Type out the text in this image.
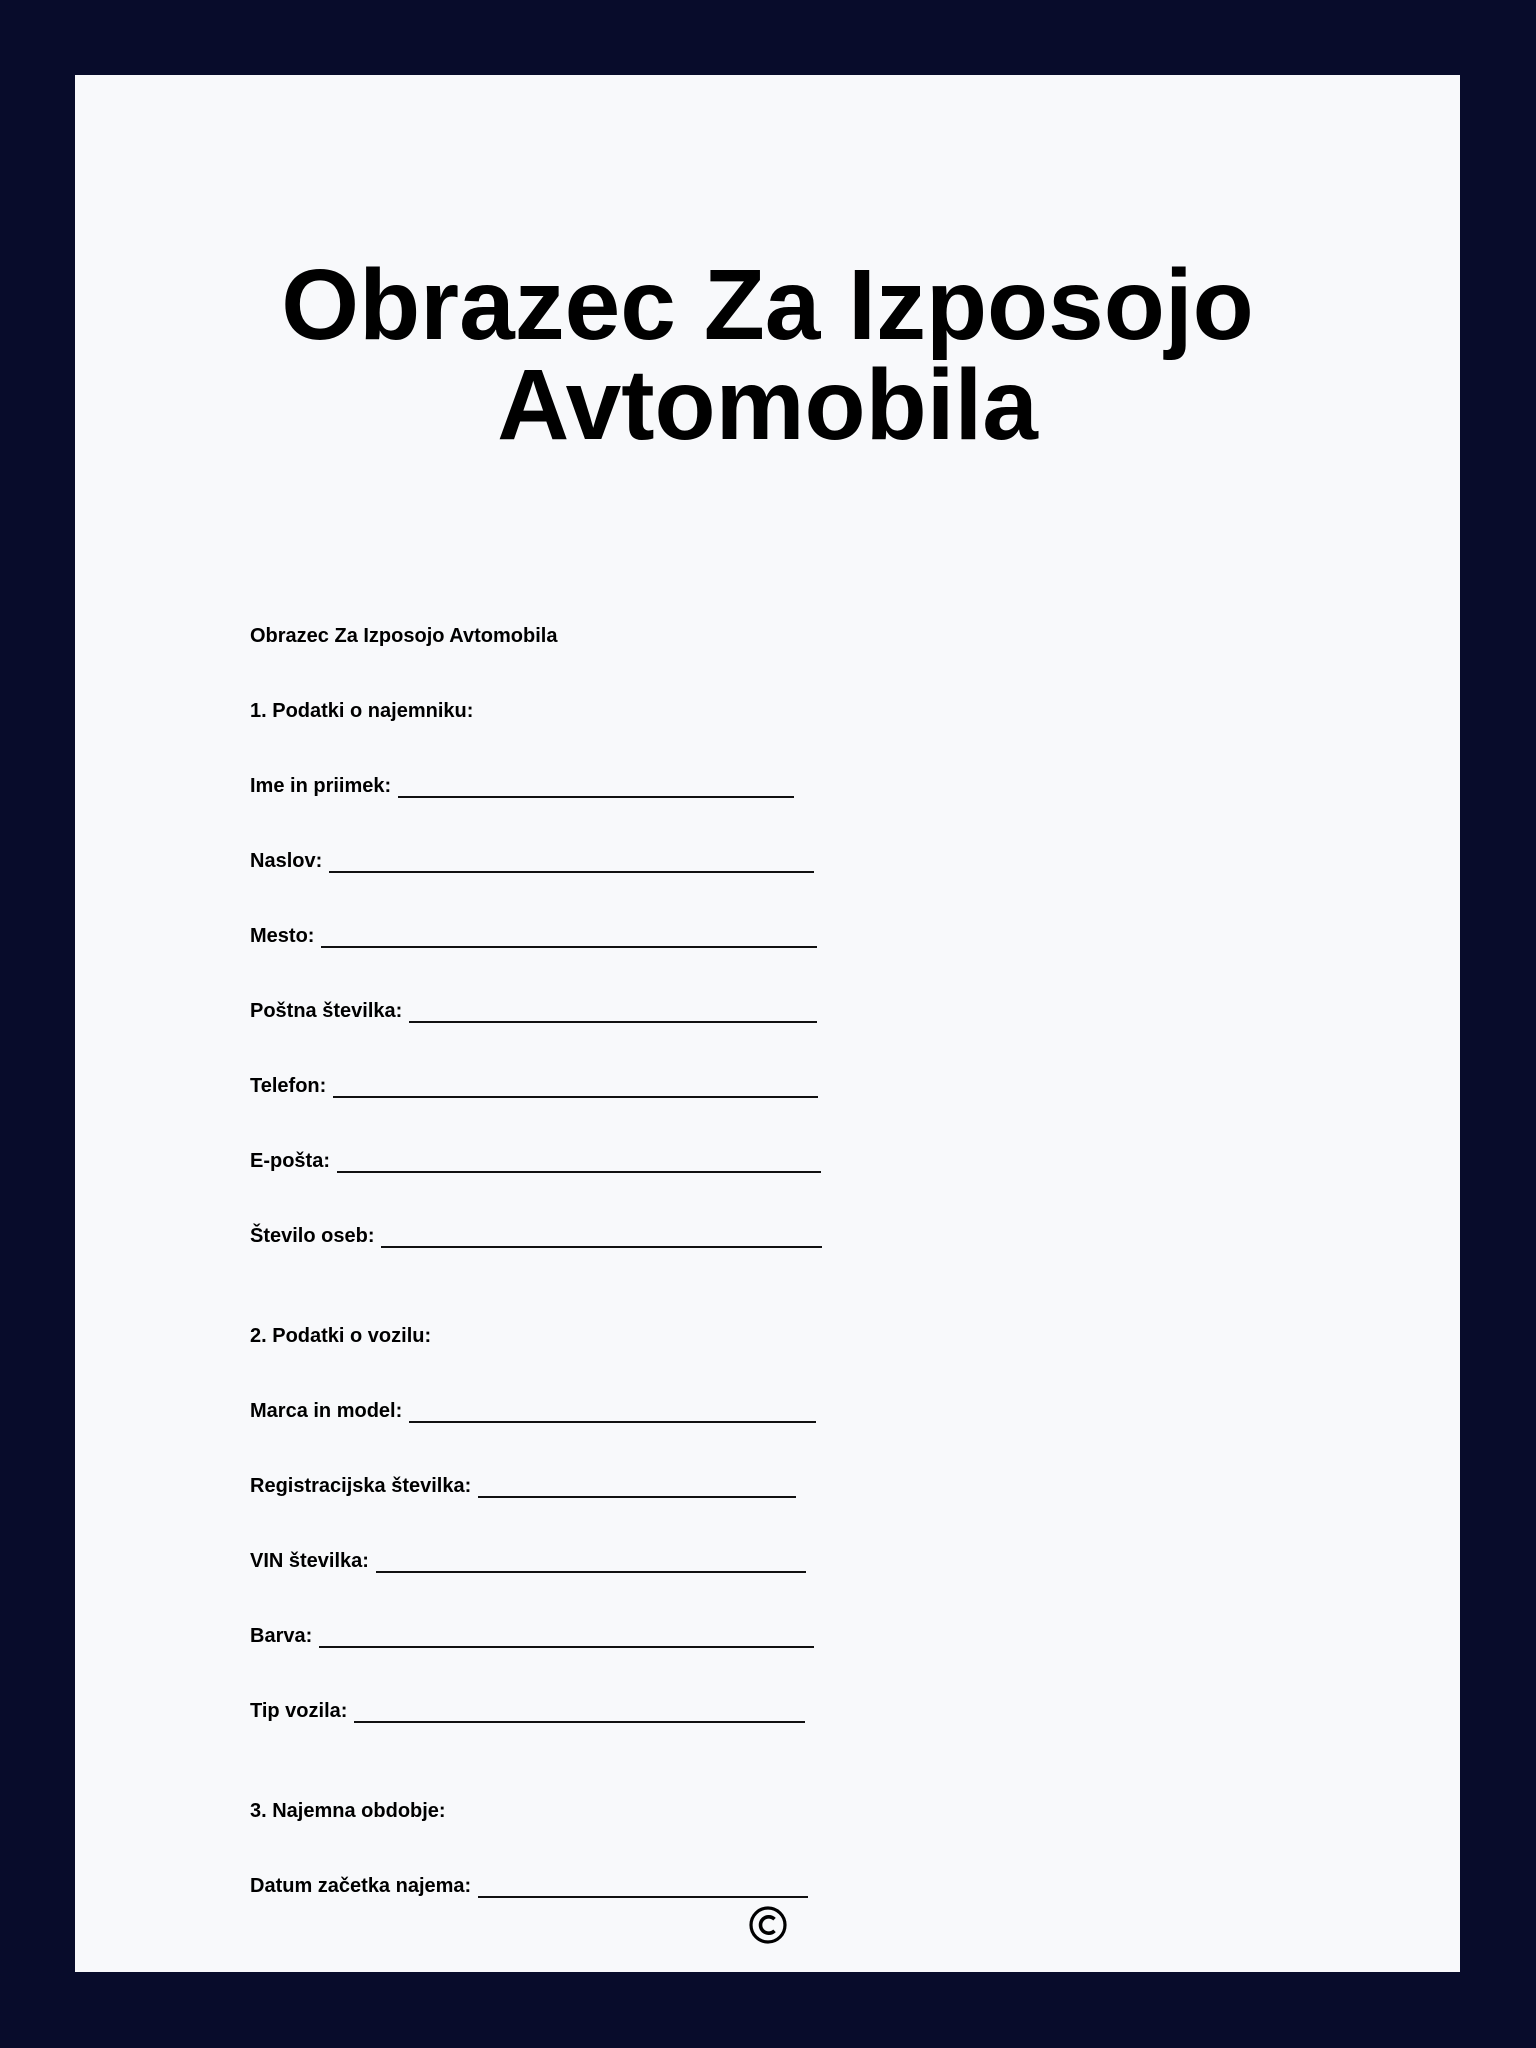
Obrazec Za Izposojo
Avtomobila
Obrazec Za Izposojo Avtomobila
1. Podatki o najemniku:
Ime in priimek:
Naslov:
Mesto:
Poštna številka:
Telefon:
E-pošta:
Število oseb:
2. Podatki o vozilu:
Marca in model:
Registracijska številka:
VIN številka:
Barva:
Tip vozila:
3. Najemna obdobje:
Datum začetka najema:
